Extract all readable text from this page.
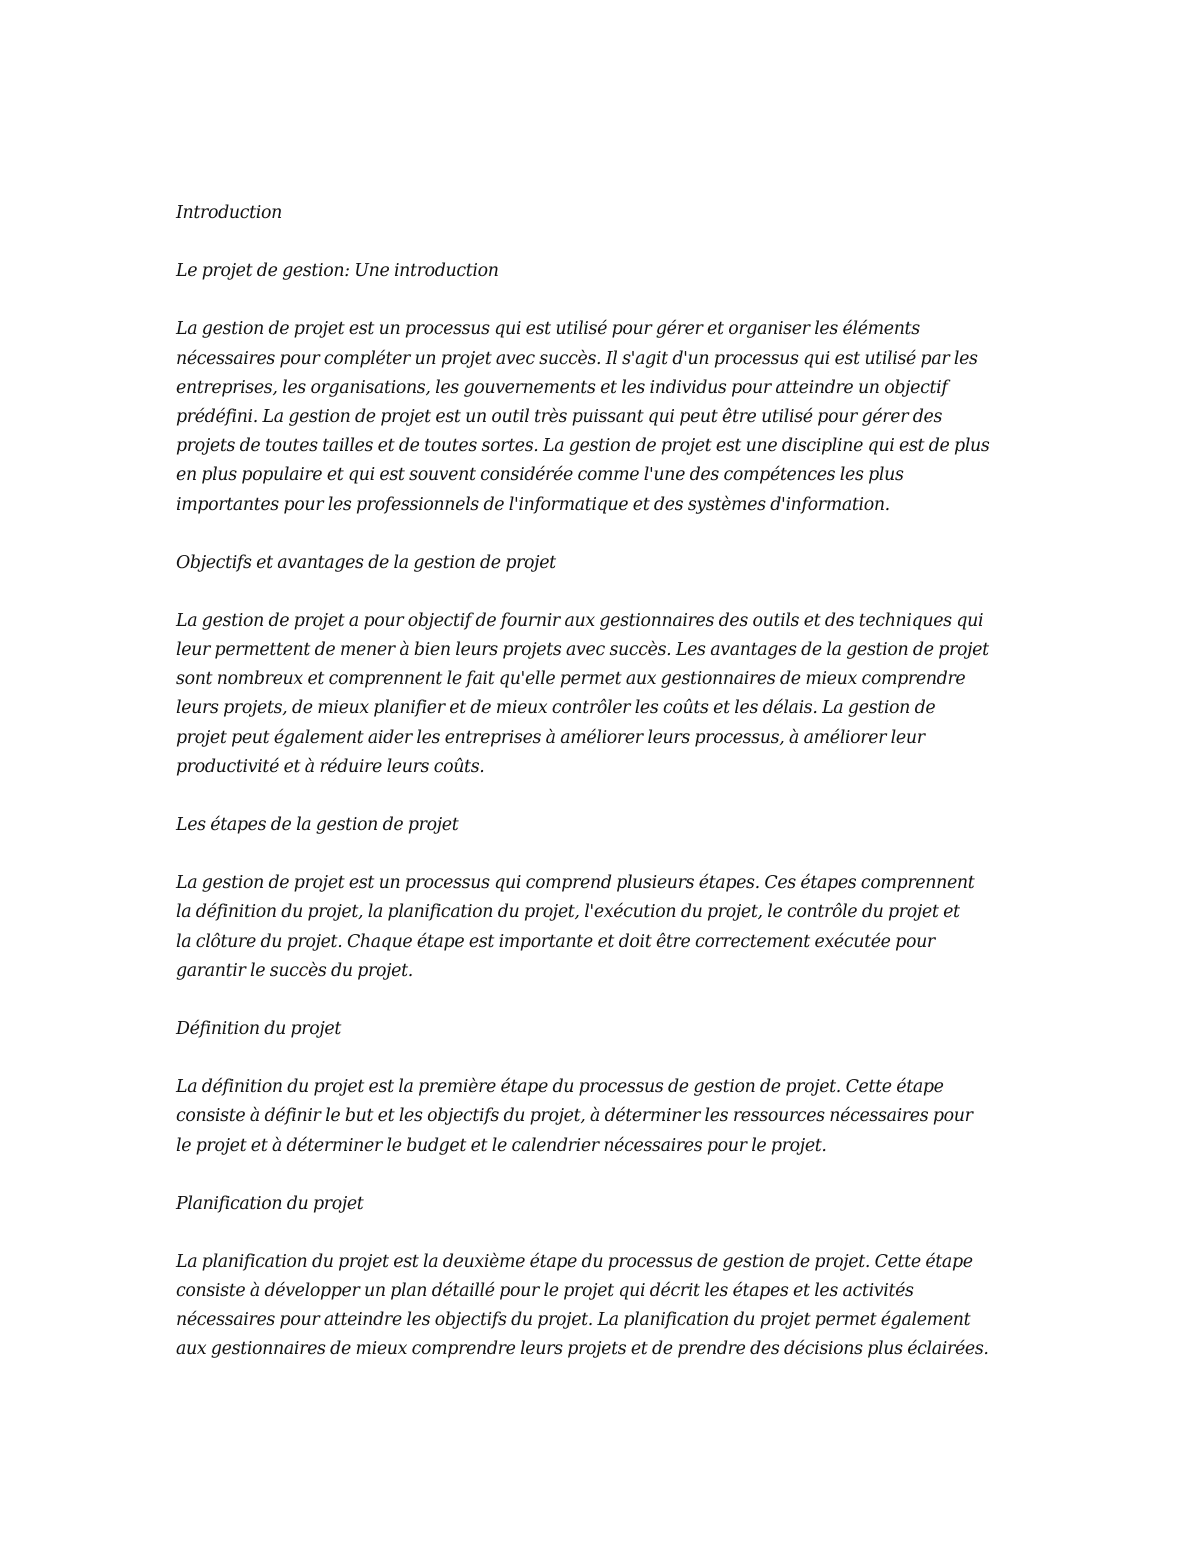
Introduction
Le projet de gestion: Une introduction
La gestion de projet est un processus qui est utilisé pour gérer et organiser les éléments
nécessaires pour compléter un projet avec succès. Il s'agit d'un processus qui est utilisé par les
entreprises, les organisations, les gouvernements et les individus pour atteindre un objectif
prédéfini. La gestion de projet est un outil très puissant qui peut être utilisé pour gérer des
projets de toutes tailles et de toutes sortes. La gestion de projet est une discipline qui est de plus
en plus populaire et qui est souvent considérée comme l'une des compétences les plus
importantes pour les professionnels de l'informatique et des systèmes d'information.
Objectifs et avantages de la gestion de projet
La gestion de projet a pour objectif de fournir aux gestionnaires des outils et des techniques qui
leur permettent de mener à bien leurs projets avec succès. Les avantages de la gestion de projet
sont nombreux et comprennent le fait qu'elle permet aux gestionnaires de mieux comprendre
leurs projets, de mieux planifier et de mieux contrôler les coûts et les délais. La gestion de
projet peut également aider les entreprises à améliorer leurs processus, à améliorer leur
productivité et à réduire leurs coûts.
Les étapes de la gestion de projet
La gestion de projet est un processus qui comprend plusieurs étapes. Ces étapes comprennent
la définition du projet, la planification du projet, l'exécution du projet, le contrôle du projet et
la clôture du projet. Chaque étape est importante et doit être correctement exécutée pour
garantir le succès du projet.
Définition du projet
La définition du projet est la première étape du processus de gestion de projet. Cette étape
consiste à définir le but et les objectifs du projet, à déterminer les ressources nécessaires pour
le projet et à déterminer le budget et le calendrier nécessaires pour le projet.
Planification du projet
La planification du projet est la deuxième étape du processus de gestion de projet. Cette étape
consiste à développer un plan détaillé pour le projet qui décrit les étapes et les activités
nécessaires pour atteindre les objectifs du projet. La planification du projet permet également
aux gestionnaires de mieux comprendre leurs projets et de prendre des décisions plus éclairées.
